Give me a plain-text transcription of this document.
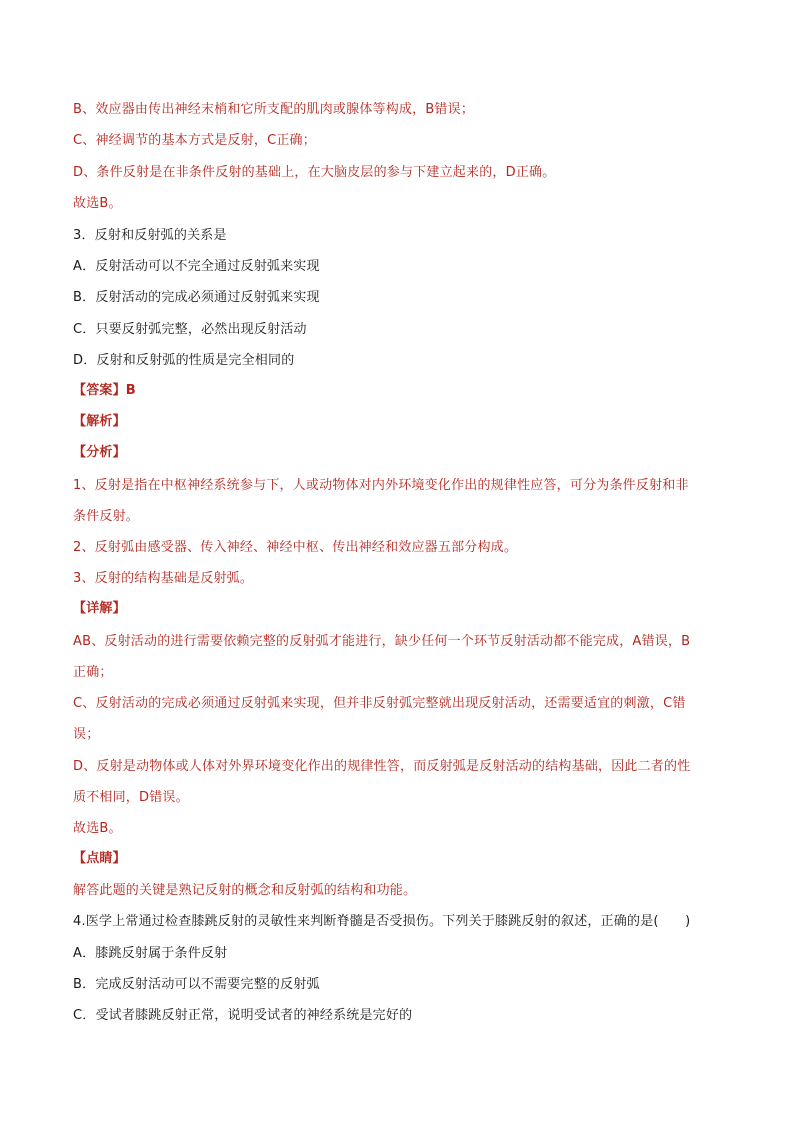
B、效应器由传出神经末梢和它所支配的肌肉或腺体等构成，B错误；
C、神经调节的基本方式是反射，C正确；
D、条件反射是在非条件反射的基础上，在大脑皮层的参与下建立起来的，D正确。
故选B。
3．反射和反射弧的关系是
A．反射活动可以不完全通过反射弧来实现
B．反射活动的完成必须通过反射弧来实现
C．只要反射弧完整，必然出现反射活动
D．反射和反射弧的性质是完全相同的
【答案】B
【解析】
【分析】
1、反射是指在中枢神经系统参与下，人或动物体对内外环境变化作出的规律性应答，可分为条件反射和非
条件反射。
2、反射弧由感受器、传入神经、神经中枢、传出神经和效应器五部分构成。
3、反射的结构基础是反射弧。
【详解】
AB、反射活动的进行需要依赖完整的反射弧才能进行，缺少任何一个环节反射活动都不能完成，A错误，B
正确；
C、反射活动的完成必须通过反射弧来实现，但并非反射弧完整就出现反射活动，还需要适宜的刺激，C错
误；
D、反射是动物体或人体对外界环境变化作出的规律性答，而反射弧是反射活动的结构基础，因此二者的性
质不相同，D错误。
故选B。
【点睛】
解答此题的关键是熟记反射的概念和反射弧的结构和功能。
4.医学上常通过检查膝跳反射的灵敏性来判断脊髓是否受损伤。下列关于膝跳反射的叙述，正确的是(　　)
A．膝跳反射属于条件反射
B．完成反射活动可以不需要完整的反射弧
C．受试者膝跳反射正常，说明受试者的神经系统是完好的
